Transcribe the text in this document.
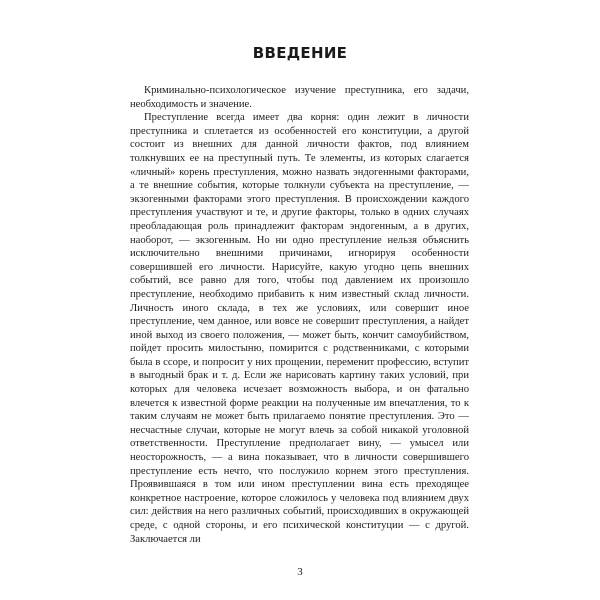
ВВЕДЕНИЕ

Криминально-психологическое изучение преступника, его задачи, необходимость и значение.

Преступление всегда имеет два корня: один лежит в личности преступника и сплетается из особенностей его конституции, а другой состоит из внешних для данной личности фактов, под влиянием толкнувших ее на преступный путь. Те элементы, из которых слагается «личный» корень преступления, можно назвать эндогенными факторами, а те внешние события, которые толкнули субъекта на преступление, — экзогенными факторами этого преступления. В происхождении каждого преступления участвуют и те, и другие факторы, только в одних случаях преобладающая роль принадлежит факторам эндогенным, а в других, наоборот, — экзогенным. Но ни одно преступление нельзя объяснить исключительно внешними причинами, игнорируя особенности совершившей его личности. Нарисуйте, какую угодно цепь внешних событий, все равно для того, чтобы под давлением их произошло преступление, необходимо прибавить к ним известный склад личности. Личность иного склада, в тех же условиях, или совершит иное преступление, чем данное, или вовсе не совершит преступления, а найдет иной выход из своего положения, — может быть, кончит самоубийством, пойдет просить милостыню, помирится с родственниками, с которыми была в ссоре, и попросит у них прощении, переменит профессию, вступит в выгодный брак и т. д. Если же нарисовать картину таких условий, при которых для человека исчезает возможность выбора, и он фатально влечется к известной форме реакции на полученные им впечатления, то к таким случаям не может быть прилагаемо понятие преступления. Это — несчастные случаи, которые не могут влечь за собой никакой уголовной ответственности. Преступление предполагает вину, — умысел или неосторожность, — а вина показывает, что в личности совершившего преступление есть нечто, что послужило корнем этого преступления. Проявившаяся в том или ином преступлении вина есть преходящее конкретное настроение, которое сложилось у человека под влиянием двух сил: действия на него различных событий, происходивших в окружающей среде, с одной стороны, и его психической конституции — с другой. Заключается ли

3
